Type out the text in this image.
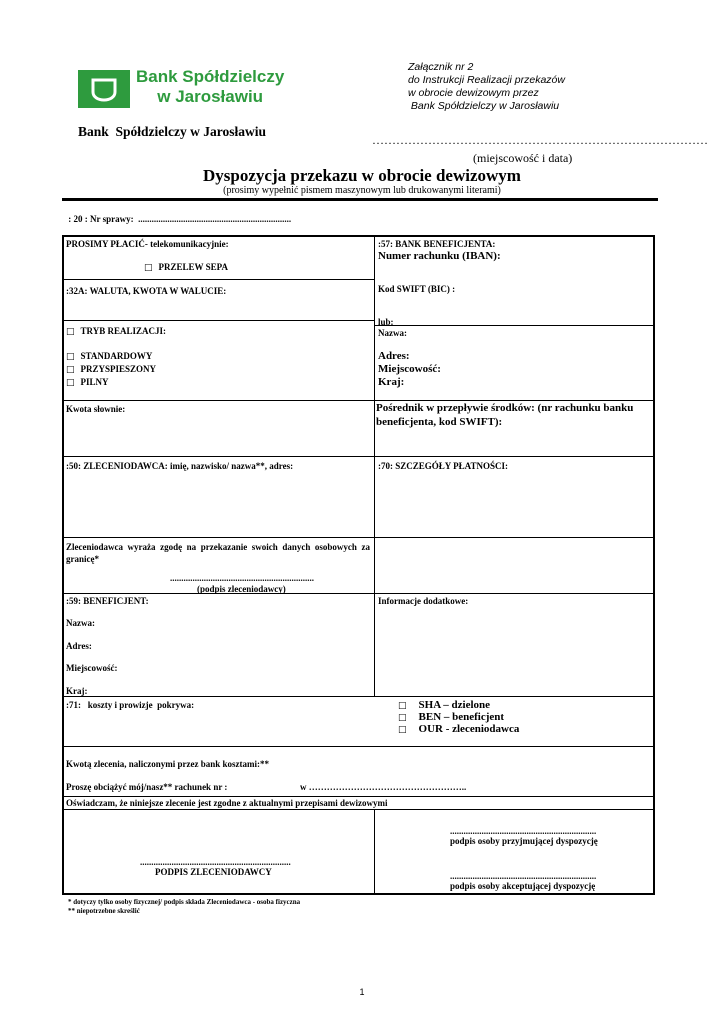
Bank Spółdzielczy
w Jarosławiu
Załącznik nr 2
do Instrukcji Realizacji przekazów
w obrocie dewizowym przez
Bank Spółdzielczy w Jarosławiu
Bank  Spółdzielczy w Jarosławiu
…………………………………………………………………………
(miejscowość i data)
Dyspozycja przekazu w obrocie dewizowym
(prosimy wypełnić pismem maszynowym lub drukowanymi literami)
: 20 : Nr sprawy:  ....................................................................
PROSIMY PŁACIĆ- telekomunikacyjnie:
□ PRZELEW SEPA
:32A: WALUTA, KWOTA W WALUCIE:
□ TRYB REALIZACJI:
□ STANDARDOWY
□ PRZYSPIESZONY
□ PILNY
Kwota słownie:
:50: ZLECENIODAWCA: imię, nazwisko/ nazwa**, adres:
Zleceniodawca wyraża zgodę na przekazanie swoich danych osobowych za granicę*
................................................................
(podpis zleceniodawcy)
:59: BENEFICJENT:
Nazwa:
Adres:
Miejscowość:
Kraj:
:71:   koszty i prowizje  pokrywa:
:57: BANK BENEFICJENTA:
Numer rachunku (IBAN):
Kod SWIFT (BIC) :
lub:
Nazwa:
Adres:
Miejscowość:
Kraj:
Pośrednik w przepływie środków: (nr rachunku banku beneficjenta, kod SWIFT):
:70: SZCZEGÓŁY PŁATNOŚCI:
Informacje dodatkowe:
□ SHA – dzielone
□ BEN – beneficjent
□ OUR - zleceniodawca
Kwotą zlecenia, naliczonymi przez bank kosztami:**
Proszę obciążyć mój/nasz** rachunek nr :	w ……………………………………………..
Oświadczam, że niniejsze zlecenie jest zgodne z aktualnymi przepisami dewizowymi
...................................................................
PODPIS ZLECENIODAWCY
.................................................................
podpis osoby przyjmującej dyspozycję
.................................................................
podpis osoby akceptującej dyspozycję
* dotyczy tylko osoby fizycznej/ podpis składa Zleceniodawca - osoba fizyczna
** niepotrzebne skreślić
1
